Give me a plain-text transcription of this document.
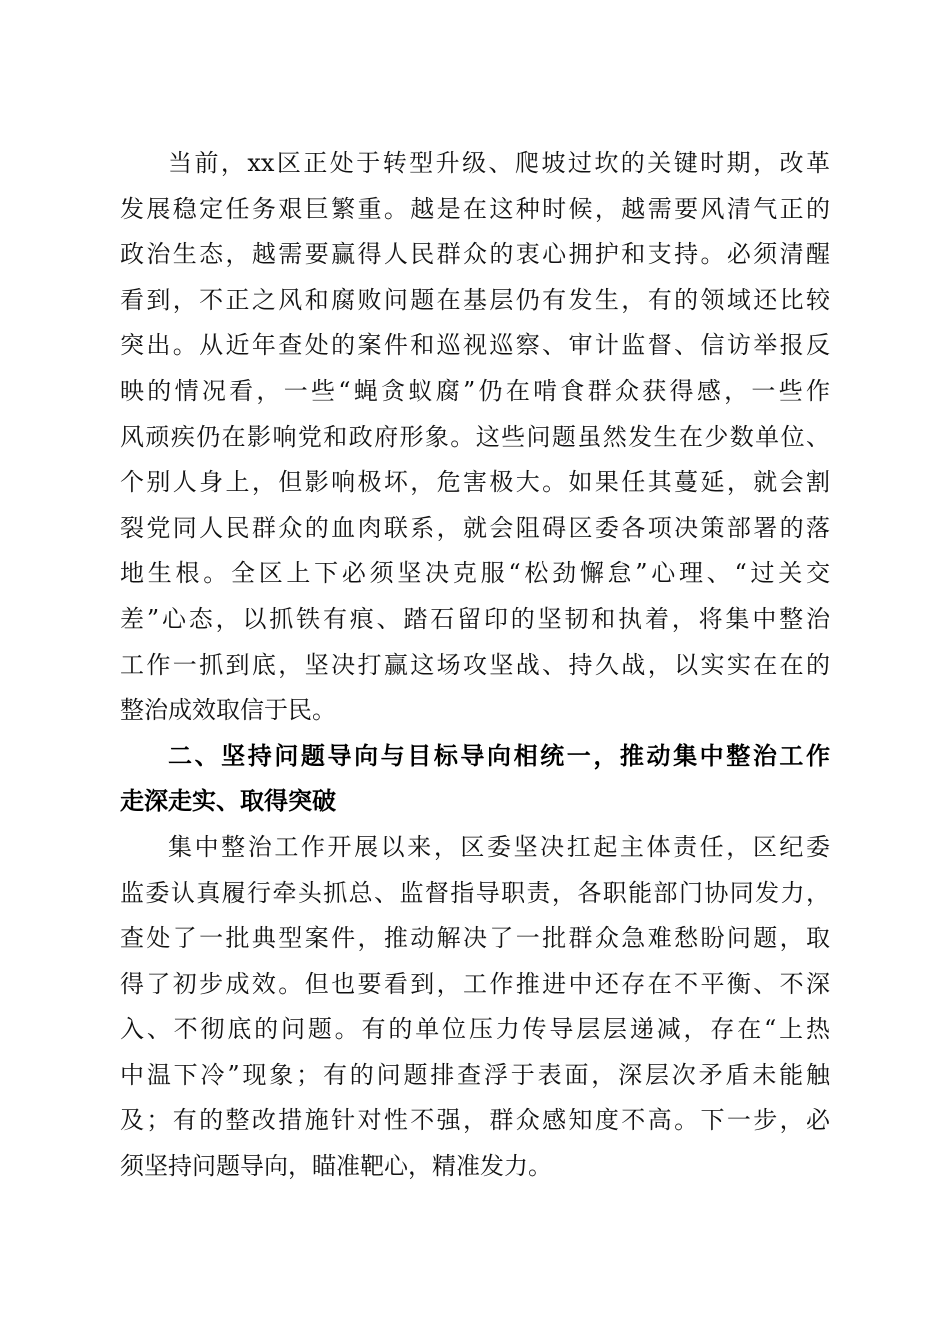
当前，xx区正处于转型升级、爬坡过坎的关键时期，改革
发展稳定任务艰巨繁重。越是在这种时候，越需要风清气正的
政治生态，越需要赢得人民群众的衷心拥护和支持。必须清醒
看到，不正之风和腐败问题在基层仍有发生，有的领域还比较
突出。从近年查处的案件和巡视巡察、审计监督、信访举报反
映的情况看，一些“蝇贪蚁腐”仍在啃食群众获得感，一些作
风顽疾仍在影响党和政府形象。这些问题虽然发生在少数单位、
个别人身上，但影响极坏，危害极大。如果任其蔓延，就会割
裂党同人民群众的血肉联系，就会阻碍区委各项决策部署的落
地生根。全区上下必须坚决克服“松劲懈怠”心理、“过关交
差”心态，以抓铁有痕、踏石留印的坚韧和执着，将集中整治
工作一抓到底，坚决打赢这场攻坚战、持久战，以实实在在的
整治成效取信于民。
二、坚持问题导向与目标导向相统一，推动集中整治工作
走深走实、取得突破
集中整治工作开展以来，区委坚决扛起主体责任，区纪委
监委认真履行牵头抓总、监督指导职责，各职能部门协同发力，
查处了一批典型案件，推动解决了一批群众急难愁盼问题，取
得了初步成效。但也要看到，工作推进中还存在不平衡、不深
入、不彻底的问题。有的单位压力传导层层递减，存在“上热
中温下冷”现象；有的问题排查浮于表面，深层次矛盾未能触
及；有的整改措施针对性不强，群众感知度不高。下一步，必
须坚持问题导向，瞄准靶心，精准发力。
